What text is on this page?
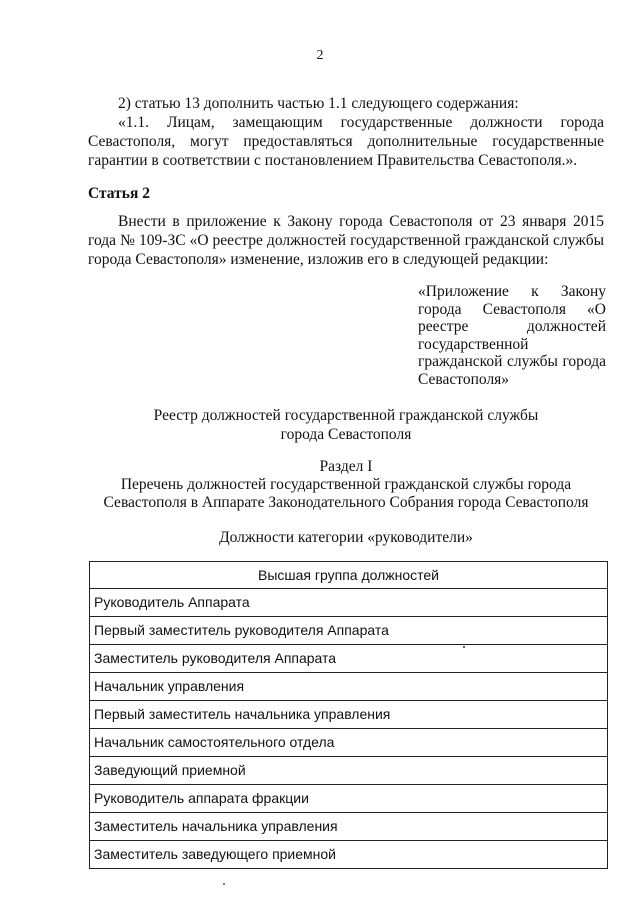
2
2) статью 13 дополнить частью 1.1 следующего содержания:
«1.1. Лицам, замещающим государственные должности города Севастополя, могут предоставляться дополнительные государственные гарантии в соответствии с постановлением Правительства Севастополя.».
Статья 2
Внести в приложение к Закону города Севастополя от 23 января 2015 года № 109-ЗС «О реестре должностей государственной гражданской службы города Севастополя» изменение, изложив его в следующей редакции:
«Приложение к Закону города Севастополя «О реестре должностей государственной гражданской службы города Севастополя»
Реестр должностей государственной гражданской службы
города Севастополя
Раздел I
Перечень должностей государственной гражданской службы города
Севастополя в Аппарате Законодательного Собрания города Севастополя
Должности категории «руководители»
Высшая группа должностей
Руководитель Аппарата
Первый заместитель руководителя Аппарата
Заместитель руководителя Аппарата
Начальник управления
Первый заместитель начальника управления
Начальник самостоятельного отдела
Заведующий приемной
Руководитель аппарата фракции
Заместитель начальника управления
Заместитель заведующего приемной
